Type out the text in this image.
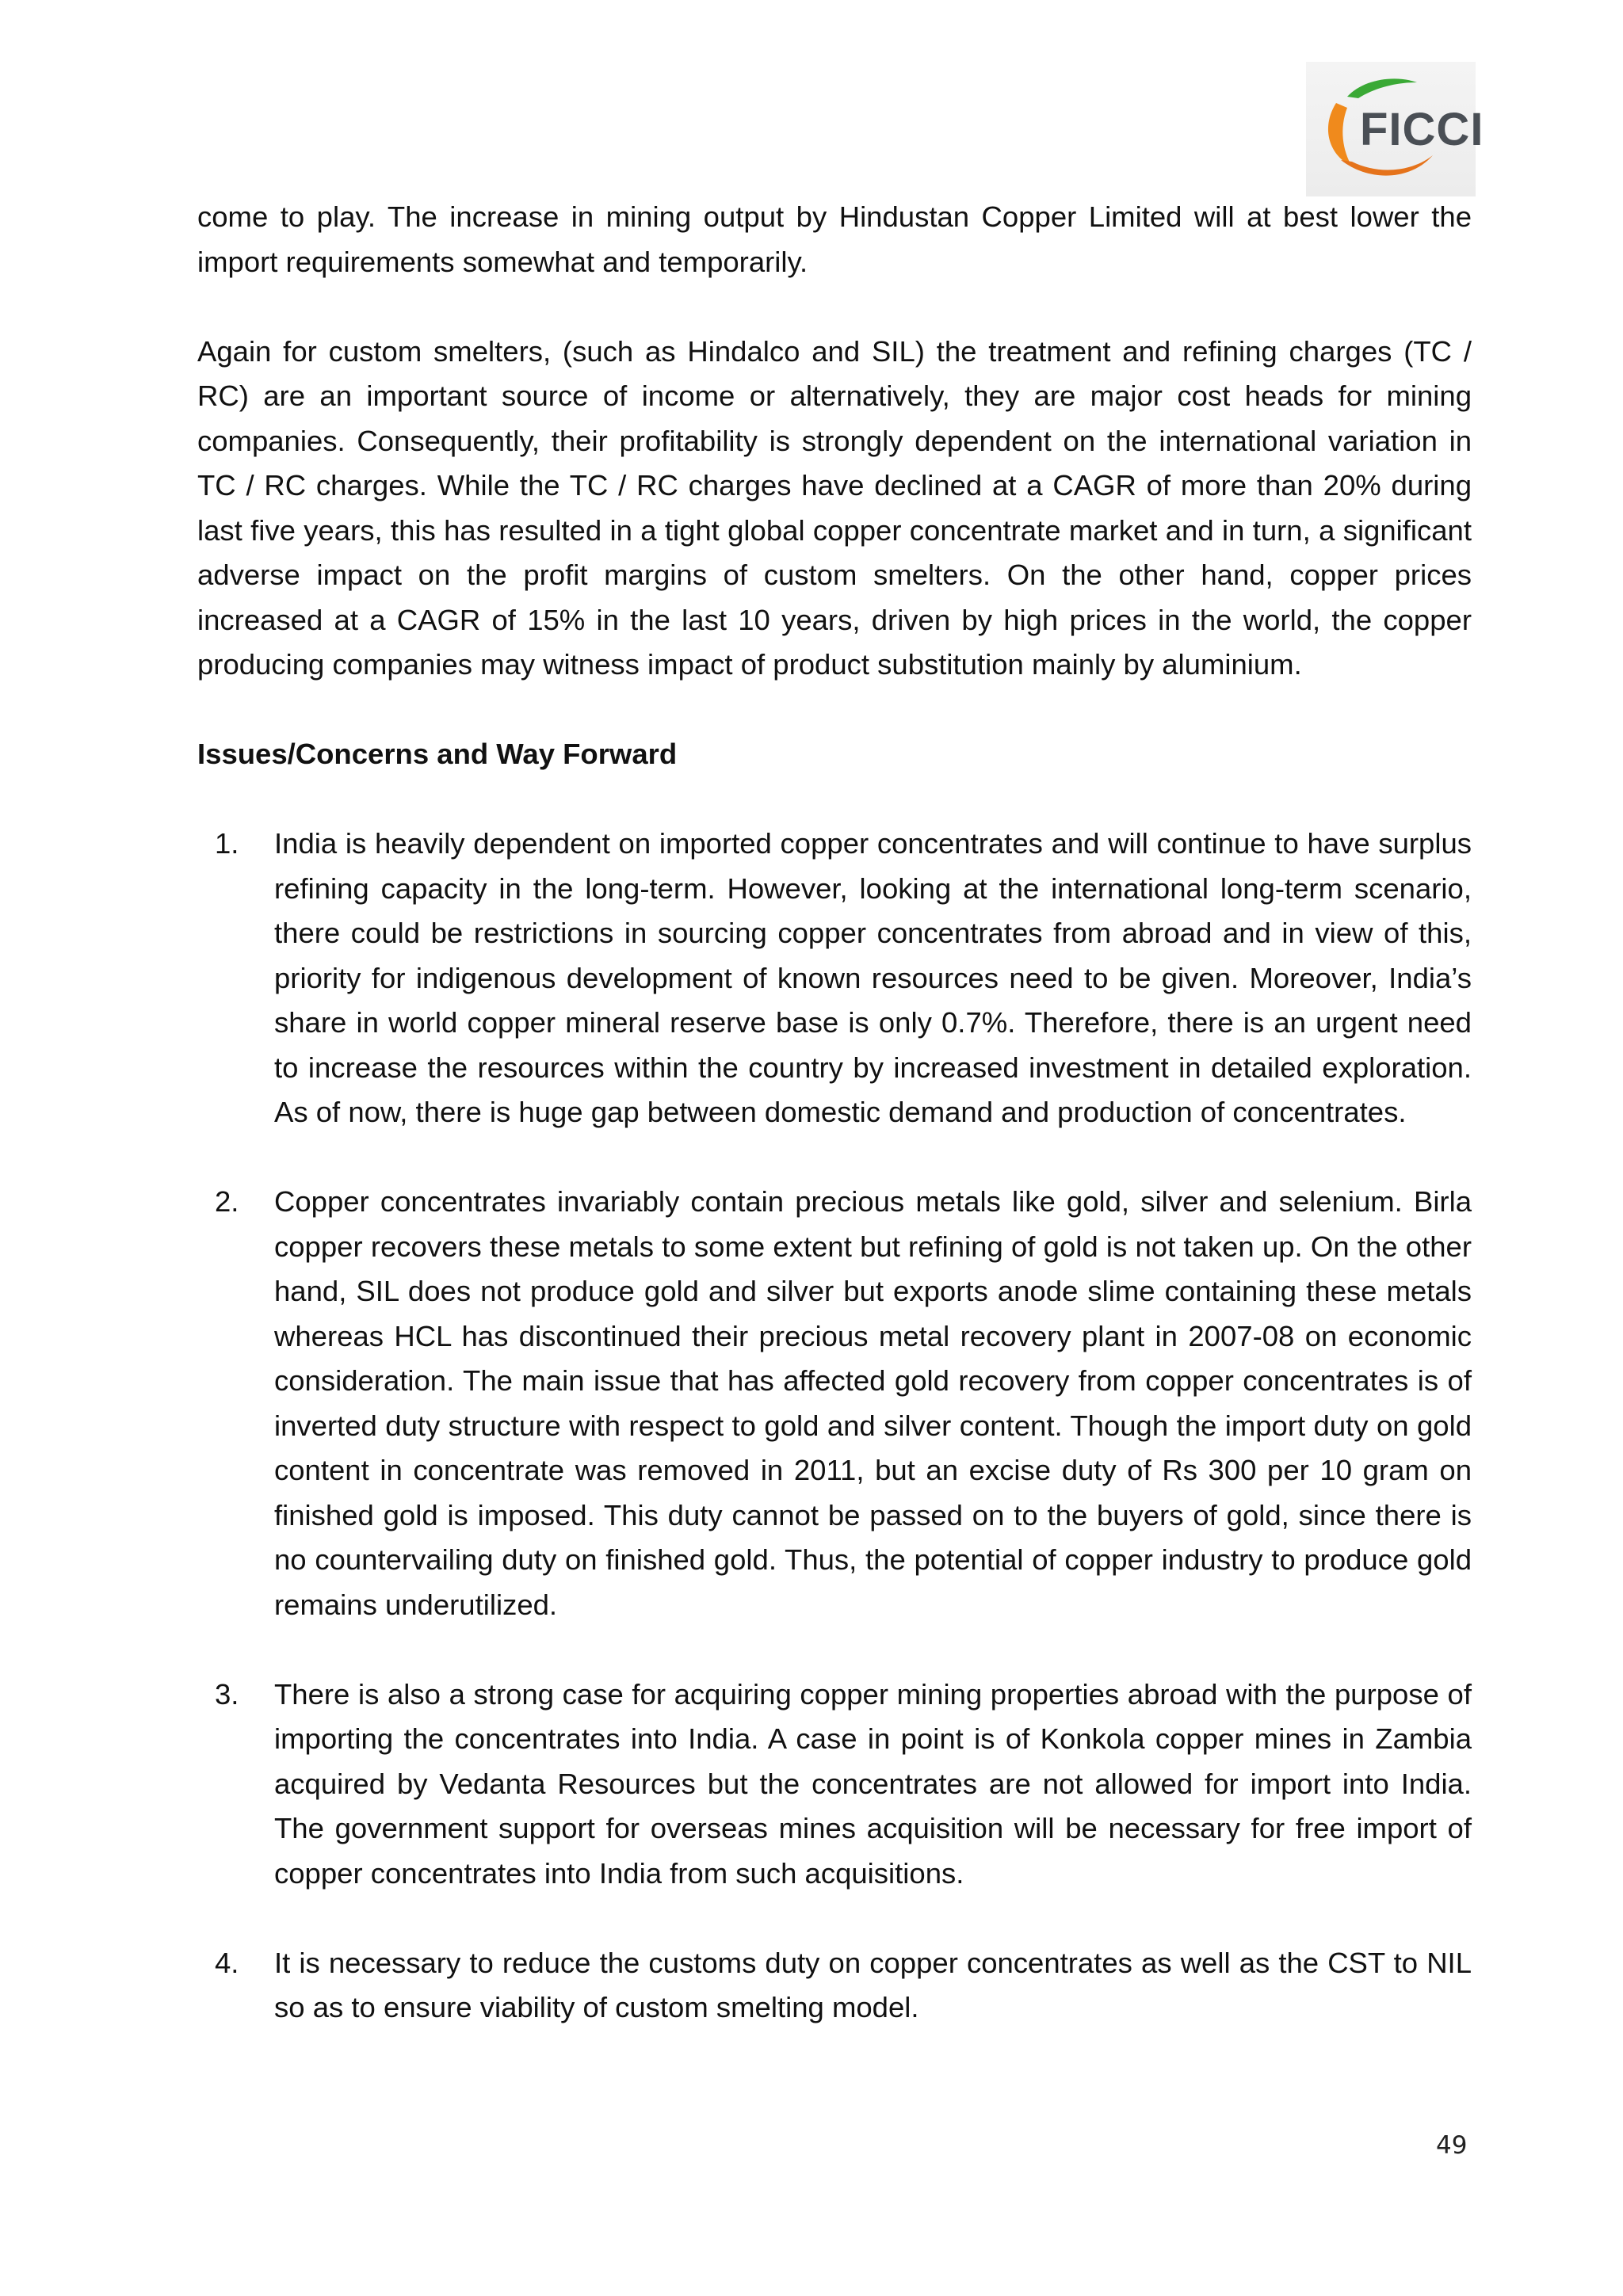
FICCI

come to play. The increase in mining output by Hindustan Copper Limited will at best lower the import requirements somewhat and temporarily.

Again for custom smelters, (such as Hindalco and SIL) the treatment and refining charges (TC / RC) are an important source of income or alternatively, they are major cost heads for mining companies. Consequently, their profitability is strongly dependent on the international variation in TC / RC charges. While the TC / RC charges have declined at a CAGR of more than 20% during last five years, this has resulted in a tight global copper concentrate market and in turn, a significant adverse impact on the profit margins of custom smelters. On the other hand, copper prices increased at a CAGR of 15% in the last 10 years, driven by high prices in the world, the copper producing companies may witness impact of product substitution mainly by aluminium.

Issues/Concerns and Way Forward
1. India is heavily dependent on imported copper concentrates and will continue to have surplus refining capacity in the long-term. However, looking at the international long-term scenario, there could be restrictions in sourcing copper concentrates from abroad and in view of this, priority for indigenous development of known resources need to be given. Moreover, India’s share in world copper mineral reserve base is only 0.7%. Therefore, there is an urgent need to increase the resources within the country by increased investment in detailed exploration. As of now, there is huge gap between domestic demand and production of concentrates.
2. Copper concentrates invariably contain precious metals like gold, silver and selenium. Birla copper recovers these metals to some extent but refining of gold is not taken up. On the other hand, SIL does not produce gold and silver but exports anode slime containing these metals whereas HCL has discontinued their precious metal recovery plant in 2007-08 on economic consideration. The main issue that has affected gold recovery from copper concentrates is of inverted duty structure with respect to gold and silver content. Though the import duty on gold content in concentrate was removed in 2011, but an excise duty of Rs 300 per 10 gram on finished gold is imposed. This duty cannot be passed on to the buyers of gold, since there is no countervailing duty on finished gold. Thus, the potential of copper industry to produce gold remains underutilized.
3. There is also a strong case for acquiring copper mining properties abroad with the purpose of importing the concentrates into India. A case in point is of Konkola copper mines in Zambia acquired by Vedanta Resources but the concentrates are not allowed for import into India. The government support for overseas mines acquisition will be necessary for free import of copper concentrates into India from such acquisitions.
4. It is necessary to reduce the customs duty on copper concentrates as well as the CST to NIL so as to ensure viability of custom smelting model.
49
